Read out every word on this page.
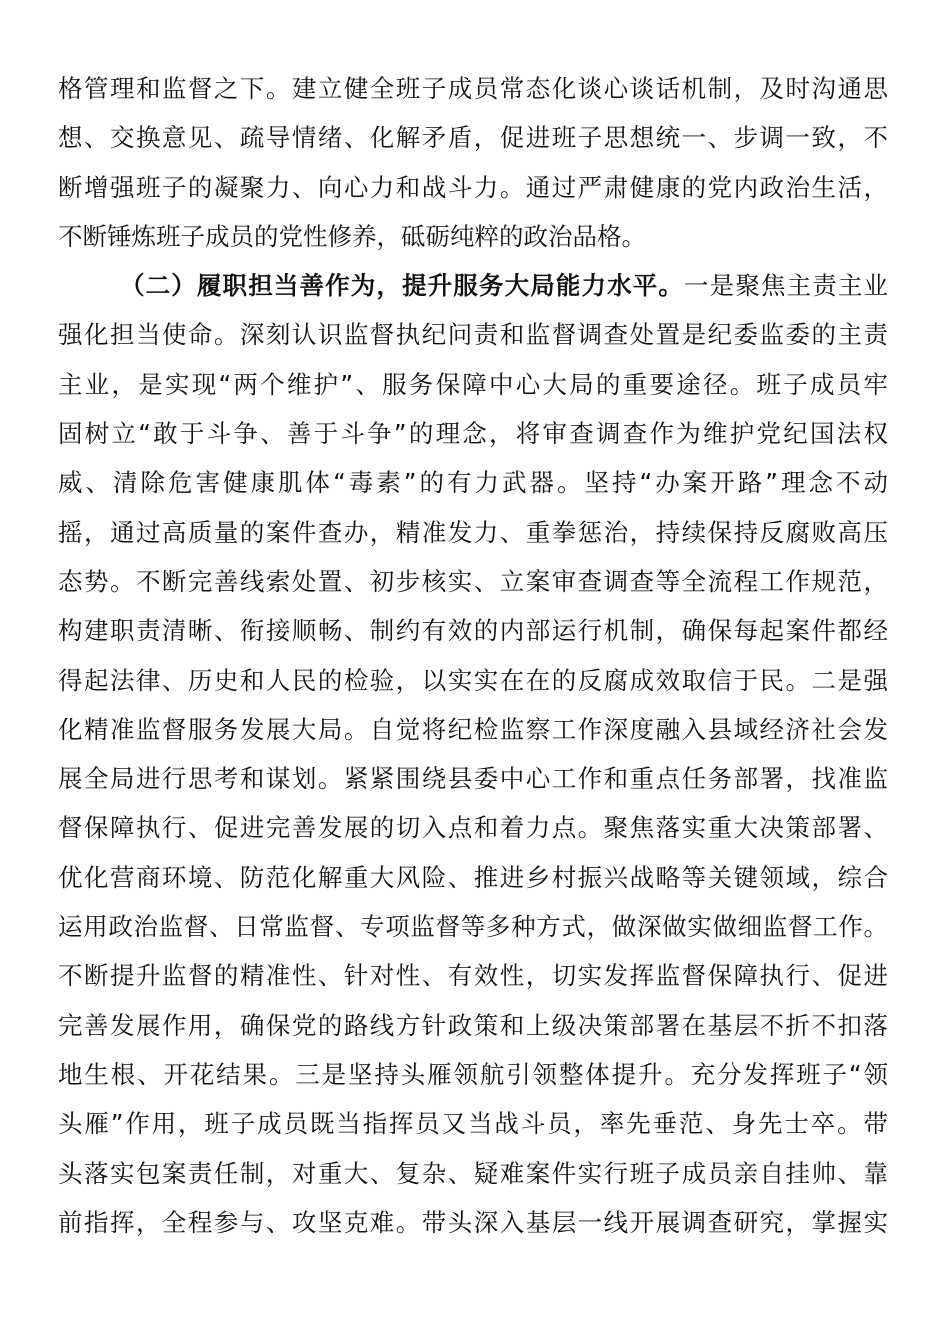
格管理和监督之下。建立健全班子成员常态化谈心谈话机制，及时沟通思
想、交换意见、疏导情绪、化解矛盾，促进班子思想统一、步调一致，不
断增强班子的凝聚力、向心力和战斗力。通过严肃健康的党内政治生活，
不断锤炼班子成员的党性修养，砥砺纯粹的政治品格。
（二）履职担当善作为，提升服务大局能力水平。一是聚焦主责主业
强化担当使命。深刻认识监督执纪问责和监督调查处置是纪委监委的主责
主业，是实现“两个维护”、服务保障中心大局的重要途径。班子成员牢
固树立“敢于斗争、善于斗争”的理念，将审查调查作为维护党纪国法权
威、清除危害健康肌体“毒素”的有力武器。坚持“办案开路”理念不动
摇，通过高质量的案件查办，精准发力、重拳惩治，持续保持反腐败高压
态势。不断完善线索处置、初步核实、立案审查调查等全流程工作规范，
构建职责清晰、衔接顺畅、制约有效的内部运行机制，确保每起案件都经
得起法律、历史和人民的检验，以实实在在的反腐成效取信于民。二是强
化精准监督服务发展大局。自觉将纪检监察工作深度融入县域经济社会发
展全局进行思考和谋划。紧紧围绕县委中心工作和重点任务部署，找准监
督保障执行、促进完善发展的切入点和着力点。聚焦落实重大决策部署、
优化营商环境、防范化解重大风险、推进乡村振兴战略等关键领域，综合
运用政治监督、日常监督、专项监督等多种方式，做深做实做细监督工作。
不断提升监督的精准性、针对性、有效性，切实发挥监督保障执行、促进
完善发展作用，确保党的路线方针政策和上级决策部署在基层不折不扣落
地生根、开花结果。三是坚持头雁领航引领整体提升。充分发挥班子“领
头雁”作用，班子成员既当指挥员又当战斗员，率先垂范、身先士卒。带
头落实包案责任制，对重大、复杂、疑难案件实行班子成员亲自挂帅、靠
前指挥，全程参与、攻坚克难。带头深入基层一线开展调查研究，掌握实
